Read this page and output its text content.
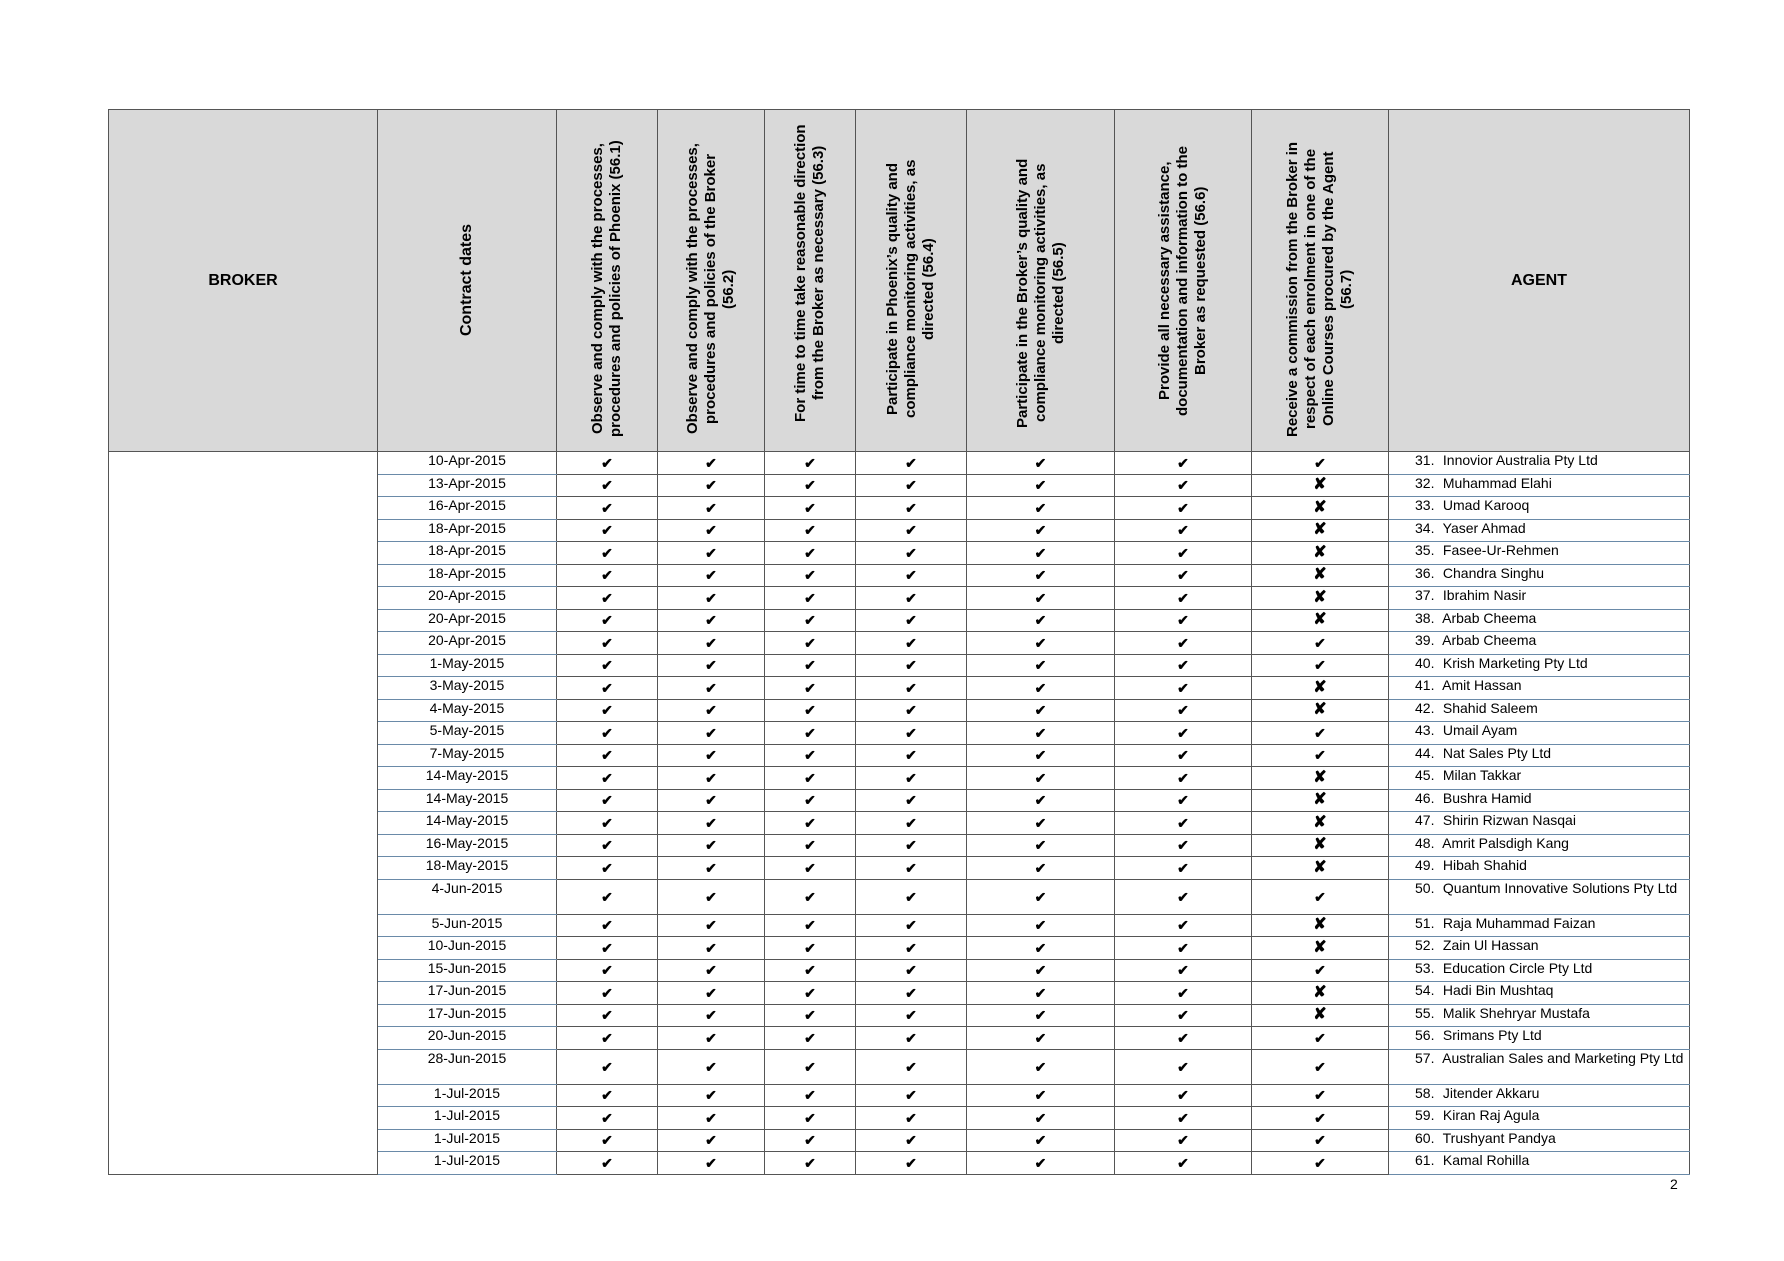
BROKER	Contract dates	Observe and comply with the processes, procedures and policies of Phoenix (56.1)	Observe and comply with the processes, procedures and policies of the Broker (56.2)	For time to time take reasonable direction from the Broker as necessary (56.3)	Participate in Phoenix’s quality and compliance monitoring activities, as directed (56.4)	Participate in the Broker’s quality and compliance monitoring activities, as directed (56.5)	Provide all necessary assistance, documentation and information to the Broker as requested (56.6)	Receive a commission from the Broker in respect of each enrolment in one of the Online Courses procured by the Agent (56.7)	AGENT
	10-Apr-2015	✔	✔	✔	✔	✔	✔	✔	31. Innovior Australia Pty Ltd
	13-Apr-2015	✔	✔	✔	✔	✔	✔	✘	32. Muhammad Elahi
	16-Apr-2015	✔	✔	✔	✔	✔	✔	✘	33. Umad Karooq
	18-Apr-2015	✔	✔	✔	✔	✔	✔	✘	34. Yaser Ahmad
	18-Apr-2015	✔	✔	✔	✔	✔	✔	✘	35. Fasee-Ur-Rehmen
	18-Apr-2015	✔	✔	✔	✔	✔	✔	✘	36. Chandra Singhu
	20-Apr-2015	✔	✔	✔	✔	✔	✔	✘	37. Ibrahim Nasir
	20-Apr-2015	✔	✔	✔	✔	✔	✔	✘	38. Arbab Cheema
	20-Apr-2015	✔	✔	✔	✔	✔	✔	✔	39. Arbab Cheema
	1-May-2015	✔	✔	✔	✔	✔	✔	✔	40. Krish Marketing Pty Ltd
	3-May-2015	✔	✔	✔	✔	✔	✔	✘	41. Amit Hassan
	4-May-2015	✔	✔	✔	✔	✔	✔	✘	42. Shahid Saleem
	5-May-2015	✔	✔	✔	✔	✔	✔	✔	43. Umail Ayam
	7-May-2015	✔	✔	✔	✔	✔	✔	✔	44. Nat Sales Pty Ltd
	14-May-2015	✔	✔	✔	✔	✔	✔	✘	45. Milan Takkar
	14-May-2015	✔	✔	✔	✔	✔	✔	✘	46. Bushra Hamid
	14-May-2015	✔	✔	✔	✔	✔	✔	✘	47. Shirin Rizwan Nasqai
	16-May-2015	✔	✔	✔	✔	✔	✔	✘	48. Amrit Palsdigh Kang
	18-May-2015	✔	✔	✔	✔	✔	✔	✘	49. Hibah Shahid
	4-Jun-2015	✔	✔	✔	✔	✔	✔	✔	50. Quantum Innovative Solutions Pty Ltd
	5-Jun-2015	✔	✔	✔	✔	✔	✔	✘	51. Raja Muhammad Faizan
	10-Jun-2015	✔	✔	✔	✔	✔	✔	✘	52. Zain Ul Hassan
	15-Jun-2015	✔	✔	✔	✔	✔	✔	✔	53. Education Circle Pty Ltd
	17-Jun-2015	✔	✔	✔	✔	✔	✔	✘	54. Hadi Bin Mushtaq
	17-Jun-2015	✔	✔	✔	✔	✔	✔	✘	55. Malik Shehryar Mustafa
	20-Jun-2015	✔	✔	✔	✔	✔	✔	✔	56. Srimans Pty Ltd
	28-Jun-2015	✔	✔	✔	✔	✔	✔	✔	57. Australian Sales and Marketing Pty Ltd
	1-Jul-2015	✔	✔	✔	✔	✔	✔	✔	58. Jitender Akkaru
	1-Jul-2015	✔	✔	✔	✔	✔	✔	✔	59. Kiran Raj Agula
	1-Jul-2015	✔	✔	✔	✔	✔	✔	✔	60. Trushyant Pandya
	1-Jul-2015	✔	✔	✔	✔	✔	✔	✔	61. Kamal Rohilla
2
